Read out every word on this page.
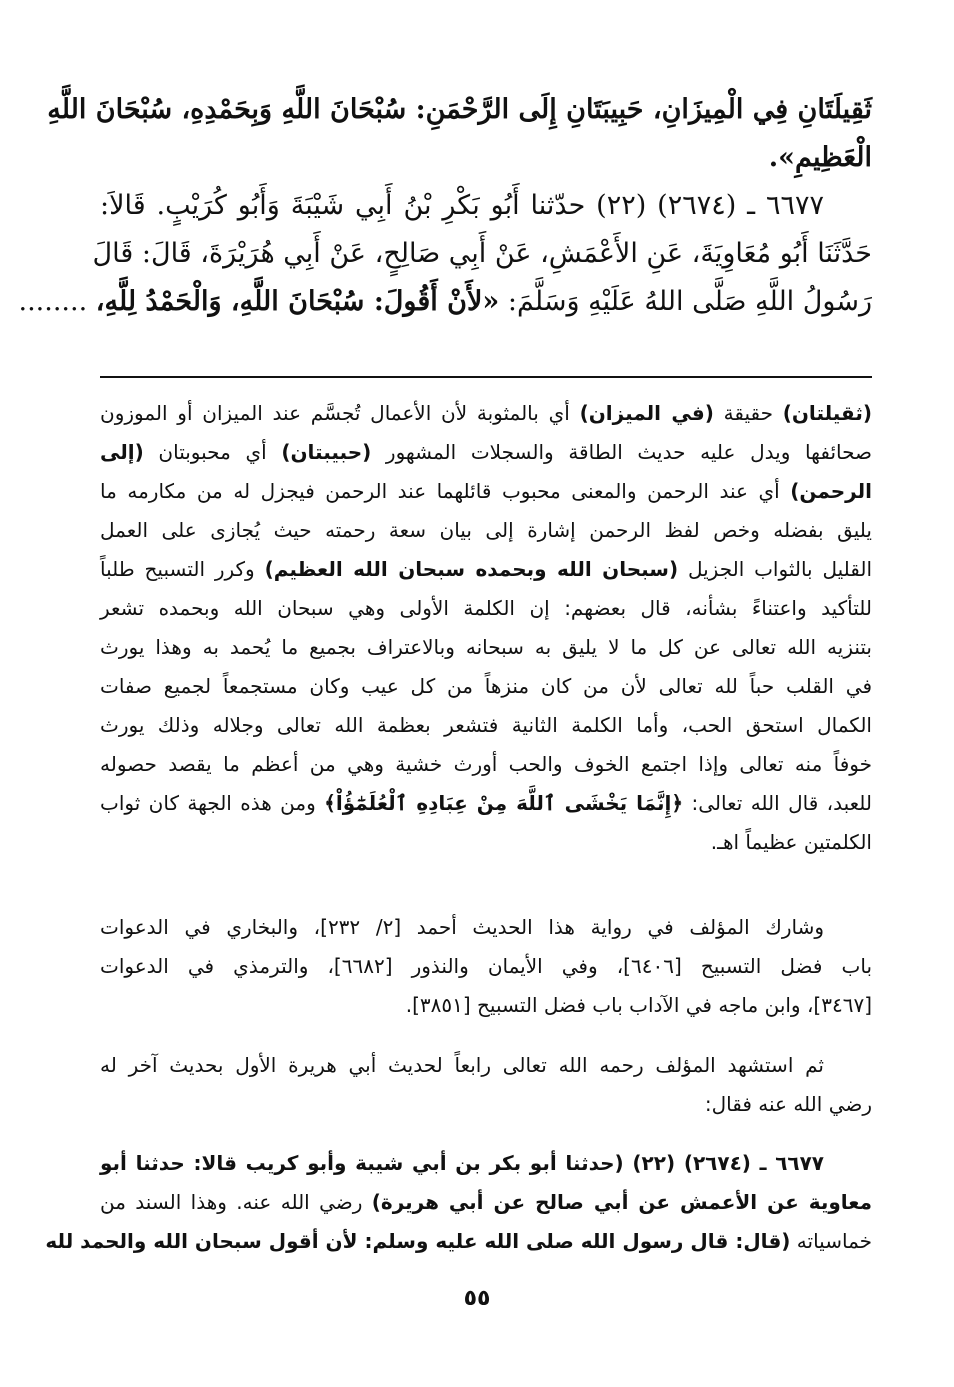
ثَقِيلَتَانِ فِي الْمِيزَانِ، حَبِيبَتَانِ إِلَى الرَّحْمَنِ: سُبْحَانَ اللَّهِ وَبِحَمْدِهِ، سُبْحَانَ اللَّهِ
الْعَظِيمِ».
٦٦٧٧ ـ (٢٦٧٤) (٢٢) حدّثنا أَبُو بَكْرِ بْنُ أَبِي شَيْبَةَ وَأَبُو كُرَيْبٍ. قَالاَ:
حَدَّثَنَا أَبُو مُعَاوِيَةَ، عَنِ الأَعْمَشِ، عَنْ أَبِي صَالِحٍ، عَنْ أَبِي هُرَيْرَةَ، قَالَ: قَالَ
رَسُولُ اللَّهِ صَلَّى اللهُ عَلَيْهِ وَسَلَّمَ: «لأَنْ أَقُولَ: سُبْحَانَ اللَّهِ، وَالْحَمْدُ لِلَّهِ، ........
(ثقيلتان) حقيقة (في الميزان) أي بالمثوبة لأن الأعمال تُجسَّم عند الميزان أو الموزون
صحائفها ويدل عليه حديث الطاقة والسجلات المشهور (حبيبتان) أي محبوبتان (إلى
الرحمن) أي عند الرحمن والمعنى محبوب قائلهما عند الرحمن فيجزل له من مكارمه ما
يليق بفضله وخص لفظ الرحمن إشارة إلى بيان سعة رحمته حيث يُجازى على العمل
القليل بالثواب الجزيل (سبحان الله وبحمده سبحان الله العظيم) وكرر التسبيح طلباً
للتأكيد واعتناءً بشأنه، قال بعضهم: إن الكلمة الأولى وهي سبحان الله وبحمده تشعر
بتنزيه الله تعالى عن كل ما لا يليق به سبحانه وبالاعتراف بجميع ما يُحمد به وهذا يورث
في القلب حباً لله تعالى لأن من كان منزهاً من كل عيب وكان مستجمعاً لجميع صفات
الكمال استحق الحب، وأما الكلمة الثانية فتشعر بعظمة الله تعالى وجلاله وذلك يورث
خوفاً منه تعالى وإذا اجتمع الخوف والحب أورث خشية وهي من أعظم ما يقصد حصوله
للعبد، قال الله تعالى: ﴿إِنَّمَا يَخْشَى ٱللَّهَ مِنْ عِبَادِهِ ٱلْعُلَمَٰٓؤُاْ﴾ ومن هذه الجهة كان ثواب
الكلمتين عظيماً اهـ.
وشارك المؤلف في رواية هذا الحديث أحمد [٢/ ٢٣٢]، والبخاري في الدعوات
باب فضل التسبيح [٦٤٠٦]، وفي الأيمان والنذور [٦٦٨٢]، والترمذي في الدعوات
[٣٤٦٧]، وابن ماجه في الآداب باب فضل التسبيح [٣٨٥١].
ثم استشهد المؤلف رحمه الله تعالى رابعاً لحديث أبي هريرة الأول بحديث آخر له
رضي الله عنه فقال:
٦٦٧٧ ـ (٢٦٧٤) (٢٢) (حدثنا أبو بكر بن أبي شيبة وأبو كريب قالا: حدثنا أبو
معاوية عن الأعمش عن أبي صالح عن أبي هريرة) رضي الله عنه. وهذا السند من
خماسياته (قال: قال رسول الله صلى الله عليه وسلم: لأن أقول سبحان الله والحمد لله
٥٥
